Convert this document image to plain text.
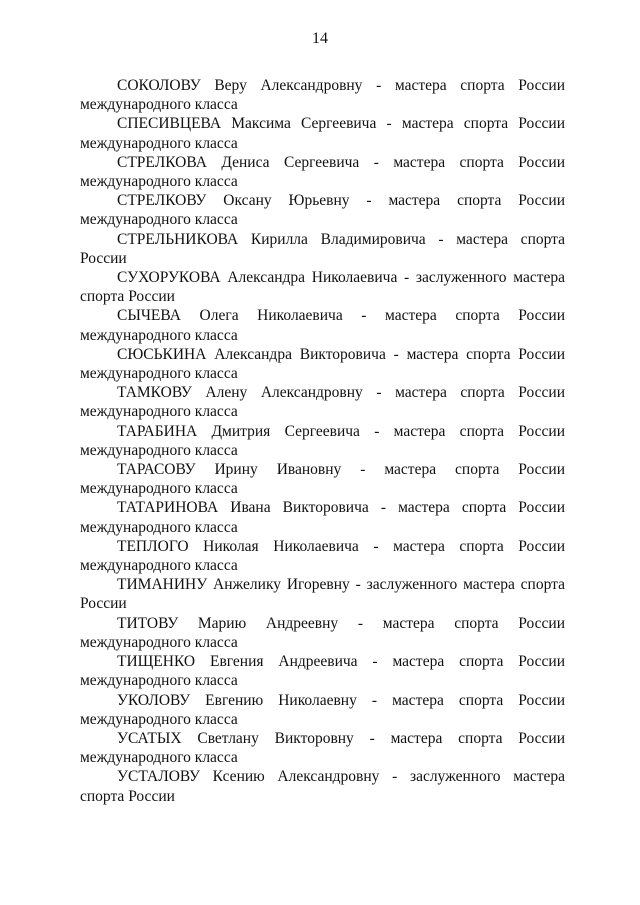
14

СОКОЛОВУ Веру Александровну - мастера спорта России международного класса

СПЕСИВЦЕВА Максима Сергеевича - мастера спорта России международного класса

СТРЕЛКОВА Дениса Сергеевича - мастера спорта России международного класса

СТРЕЛКОВУ Оксану Юрьевну - мастера спорта России международного класса

СТРЕЛЬНИКОВА Кирилла Владимировича - мастера спорта России

СУХОРУКОВА Александра Николаевича - заслуженного мастера спорта России

СЫЧЕВА Олега Николаевича - мастера спорта России международного класса

СЮСЬКИНА Александра Викторовича - мастера спорта России международного класса

ТАМКОВУ Алену Александровну - мастера спорта России международного класса

ТАРАБИНА Дмитрия Сергеевича - мастера спорта России международного класса

ТАРАСОВУ Ирину Ивановну - мастера спорта России международного класса

ТАТАРИНОВА Ивана Викторовича - мастера спорта России международного класса

ТЕПЛОГО Николая Николаевича - мастера спорта России международного класса

ТИМАНИНУ Анжелику Игоревну - заслуженного мастера спорта России

ТИТОВУ Марию Андреевну - мастера спорта России международного класса

ТИЩЕНКО Евгения Андреевича - мастера спорта России международного класса

УКОЛОВУ Евгению Николаевну - мастера спорта России международного класса

УСАТЫХ Светлану Викторовну - мастера спорта России международного класса

УСТАЛОВУ Ксению Александровну - заслуженного мастера спорта России
